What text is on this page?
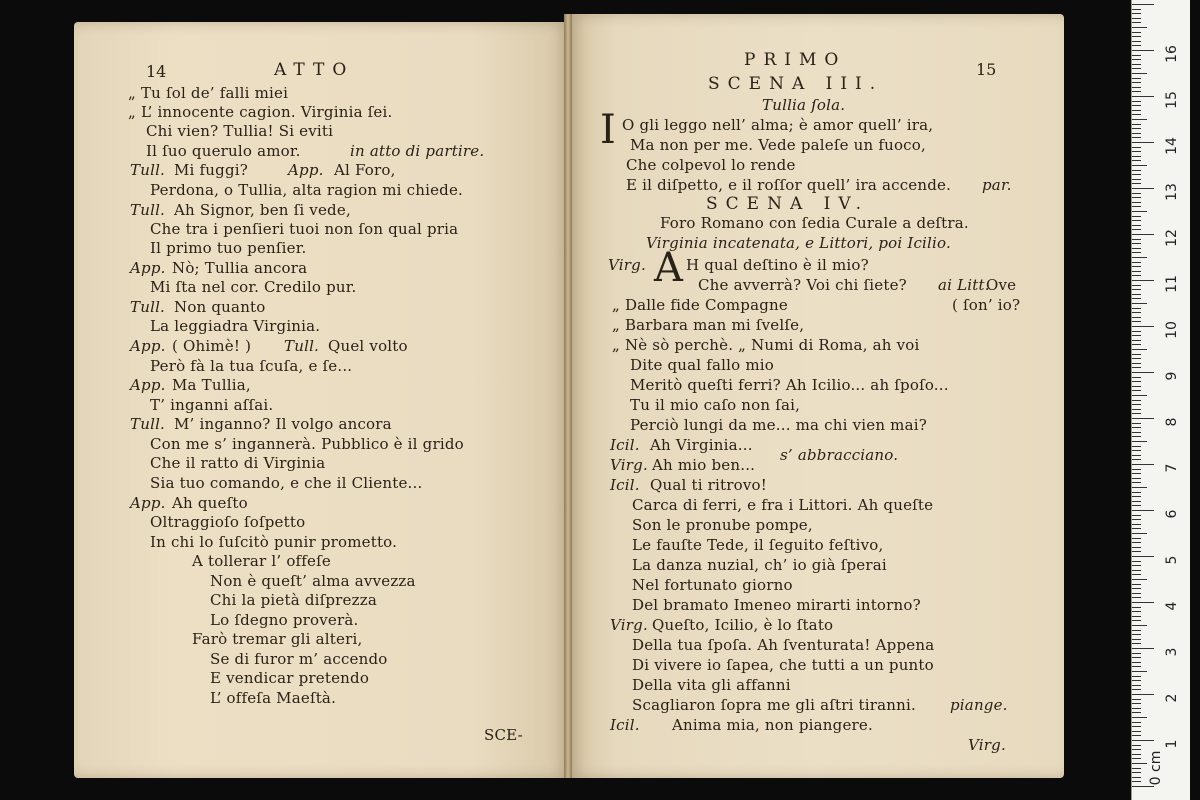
14	ATTO
„ Tu ſol de’ falli miei
„ L’ innocente cagion. Virginia ſei.
Chi vien? Tullia! Si eviti
Il ſuo querulo amor.	in atto di partire.
Tull. Mi fuggi?	App. Al Foro,
Perdona, o Tullia, alta ragion mi chiede.
Tull. Ah Signor, ben ſi vede,
Che tra i penſieri tuoi non ſon qual pria
Il primo tuo penſier.
App. Nò; Tullia ancora
Mi ſta nel cor. Credilo pur.
Tull. Non quanto
La leggiadra Virginia.
App. ( Ohimè! ) Tull. Quel volto
Però fà la tua ſcuſa, e ſe...
App. Ma Tullia,
T’ inganni aſſai.
Tull. M’ inganno? Il volgo ancora
Con me s’ ingannerà. Pubblico è il grido
Che il ratto di Virginia
Sia tuo comando, e che il Cliente...
App. Ah queſto
Oltraggioſo ſoſpetto
In chi lo ſuſcitò punir prometto.
A tollerar l’ offeſe
Non è queſt’ alma avvezza
Chi la pietà diſprezza
Lo ſdegno proverà.
Farò tremar gli alteri,
Se di furor m’ accendo
E vendicar pretendo
L’ offeſa Maeſtà.
SCE-
PRIMO	15
SCENA III.
Tullia ſola.
I O gli leggo nell’ alma; è amor quell’ ira,
Ma non per me. Vede paleſe un fuoco,
Che colpevol lo rende
E il diſpetto, e il roſſor quell’ ira accende. par.
SCENA IV.
Foro Romano con ſedia Curale a deſtra.
Virginia incatenata, e Littori, poi Icilio.
Virg. A H qual deſtino è il mio?
Che avverrà? Voi chi ſiete? ai Litt.
Ove
„ Dalle fide Compagne	( ſon’ io?
„ Barbara man mi ſvelſe,
„ Nè sò perchè. „ Numi di Roma, ah voi
Dite qual fallo mio
Meritò queſti ferri? Ah Icilio... ah ſpoſo...
Tu il mio caſo non ſai,
Perciò lungi da me... ma chi vien mai?
Icil. Ah Virginia...
s’ abbracciano.
Virg. Ah mio ben...
Icil. Qual ti ritrovo!
Carca di ferri, e fra i Littori. Ah queſte
Son le pronube pompe,
Le fauſte Tede, il ſeguito feſtivo,
La danza nuzial, ch’ io già ſperai
Nel fortunato giorno
Del bramato Imeneo mirarti intorno?
Virg. Queſto, Icilio, è lo ſtato
Della tua ſpoſa. Ah ſventurata! Appena
Di vivere io ſapea, che tutti a un punto
Della vita gli affanni
Scagliaron ſopra me gli aſtri tiranni. piange.
Icil. Anima mia, non piangere.
Virg.
0 cm
1
2
3
4
5
6
7
8
9
10
11
12
13
14
15
16
